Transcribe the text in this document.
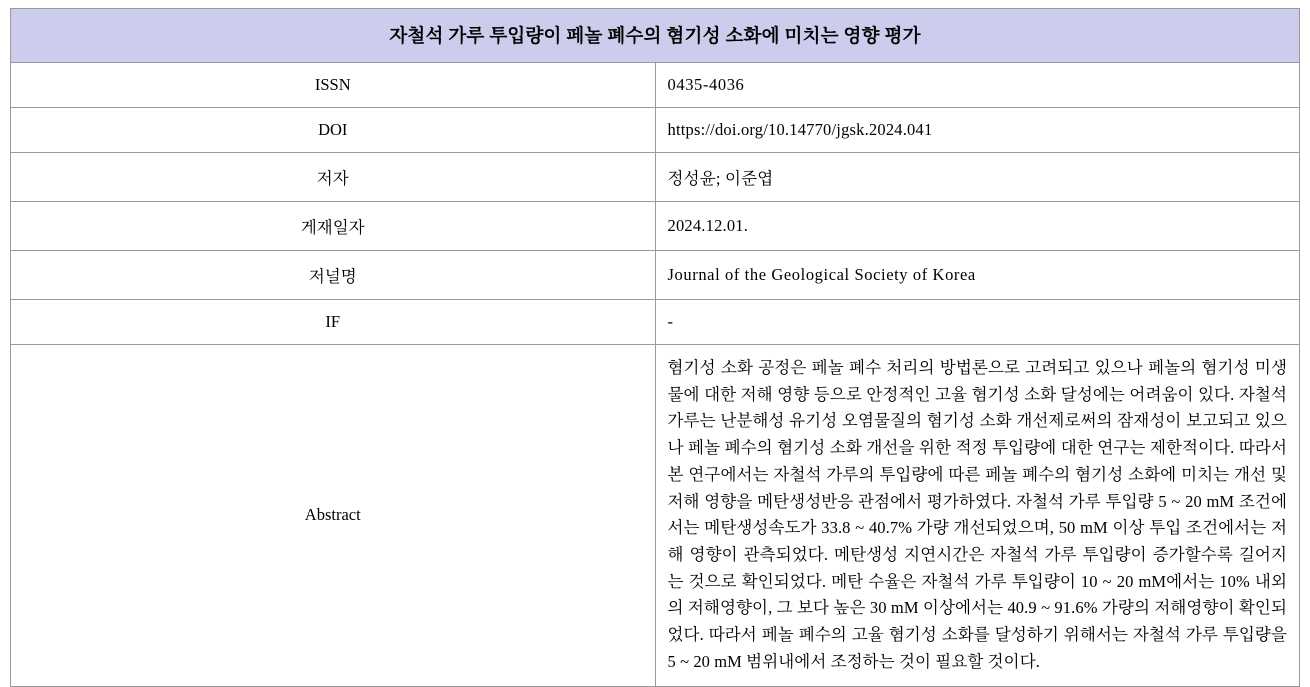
자철석 가루 투입량이 페놀 폐수의 혐기성 소화에 미치는 영향 평가	
ISSN	0435-4036
DOI	https://doi.org/10.14770/jgsk.2024.041
저자	정성윤; 이준엽
게재일자	2024.12.01.
저널명	Journal of the Geological Society of Korea
IF	-
Abstract	혐기성 소화 공정은 페놀 폐수 처리의 방법론으로 고려되고 있으나 페놀의 혐기성 미생물에 대한 저해 영향 등으로 안정적인 고율 혐기성 소화 달성에는 어려움이 있다. 자철석 가루는 난분해성 유기성 오염물질의 혐기성 소화 개선제로써의 잠재성이 보고되고 있으나 페놀 폐수의 혐기성 소화 개선을 위한 적정 투입량에 대한 연구는 제한적이다. 따라서 본 연구에서는 자철석 가루의 투입량에 따른 페놀 폐수의 혐기성 소화에 미치는 개선 및 저해 영향을 메탄생성반응 관점에서 평가하였다. 자철석 가루 투입량 5 ~ 20 mM 조건에서는 메탄생성속도가 33.8 ~ 40.7% 가량 개선되었으며, 50 mM 이상 투입 조건에서는 저해 영향이 관측되었다. 메탄생성 지연시간은 자철석 가루 투입량이 증가할수록 길어지는 것으로 확인되었다. 메탄 수율은 자철석 가루 투입량이 10 ~ 20 mM에서는 10% 내외의 저해영향이, 그 보다 높은 30 mM 이상에서는 40.9 ~ 91.6% 가량의 저해영향이 확인되었다. 따라서 페놀 폐수의 고율 혐기성 소화를 달성하기 위해서는 자철석 가루 투입량을 5 ~ 20 mM 범위내에서 조정하는 것이 필요할 것이다.
